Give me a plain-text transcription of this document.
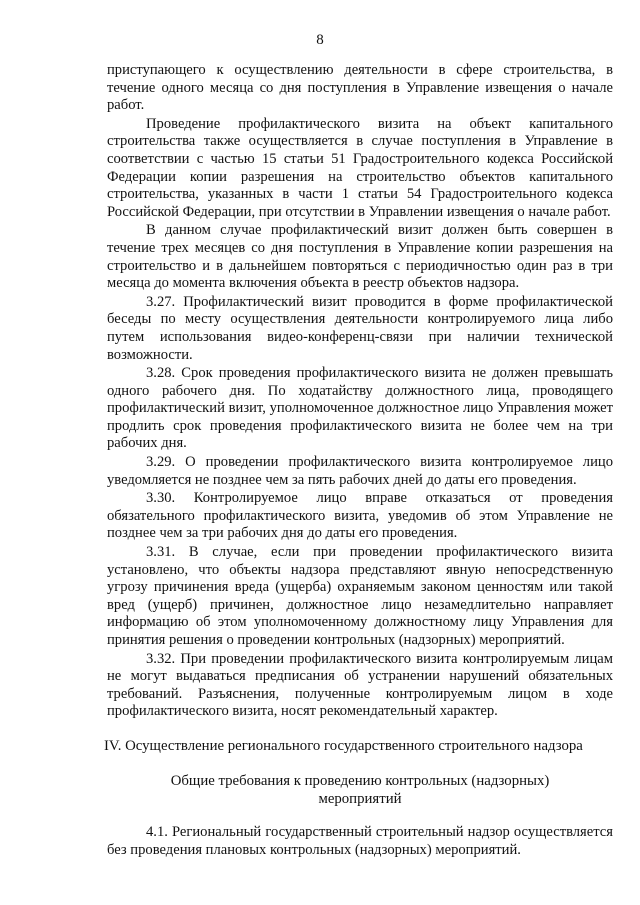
8

приступающего к осуществлению деятельности в сфере строительства, в течение одного месяца со дня поступления в Управление извещения о начале работ.

Проведение профилактического визита на объект капитального строительства также осуществляется в случае поступления в Управление в соответствии с частью 15 статьи 51 Градостроительного кодекса Российской Федерации копии разрешения на строительство объектов капитального строительства, указанных в части 1 статьи 54 Градостроительного кодекса Российской Федерации, при отсутствии в Управлении извещения о начале работ.

В данном случае профилактический визит должен быть совершен в течение трех месяцев со дня поступления в Управление копии разрешения на строительство и в дальнейшем повторяться с периодичностью один раз в три месяца до момента включения объекта в реестр объектов надзора.

3.27. Профилактический визит проводится в форме профилактической беседы по месту осуществления деятельности контролируемого лица либо путем использования видео-конференц-связи при наличии технической возможности.

3.28. Срок проведения профилактического визита не должен превышать одного рабочего дня. По ходатайству должностного лица, проводящего профилактический визит, уполномоченное должностное лицо Управления может продлить срок проведения профилактического визита не более чем на три рабочих дня.

3.29. О проведении профилактического визита контролируемое лицо уведомляется не позднее чем за пять рабочих дней до даты его проведения.

3.30. Контролируемое лицо вправе отказаться от проведения обязательного профилактического визита, уведомив об этом Управление не позднее чем за три рабочих дня до даты его проведения.

3.31. В случае, если при проведении профилактического визита установлено, что объекты надзора представляют явную непосредственную угрозу причинения вреда (ущерба) охраняемым законом ценностям или такой вред (ущерб) причинен, должностное лицо незамедлительно направляет информацию об этом уполномоченному должностному лицу Управления для принятия решения о проведении контрольных (надзорных) мероприятий.

3.32. При проведении профилактического визита контролируемым лицам не могут выдаваться предписания об устранении нарушений обязательных требований. Разъяснения, полученные контролируемым лицом в ходе профилактического визита, носят рекомендательный характер.

IV. Осуществление регионального государственного строительного надзора
Общие требования к проведению контрольных (надзорных)
мероприятий

4.1. Региональный государственный строительный надзор осуществляется без проведения плановых контрольных (надзорных) мероприятий.
